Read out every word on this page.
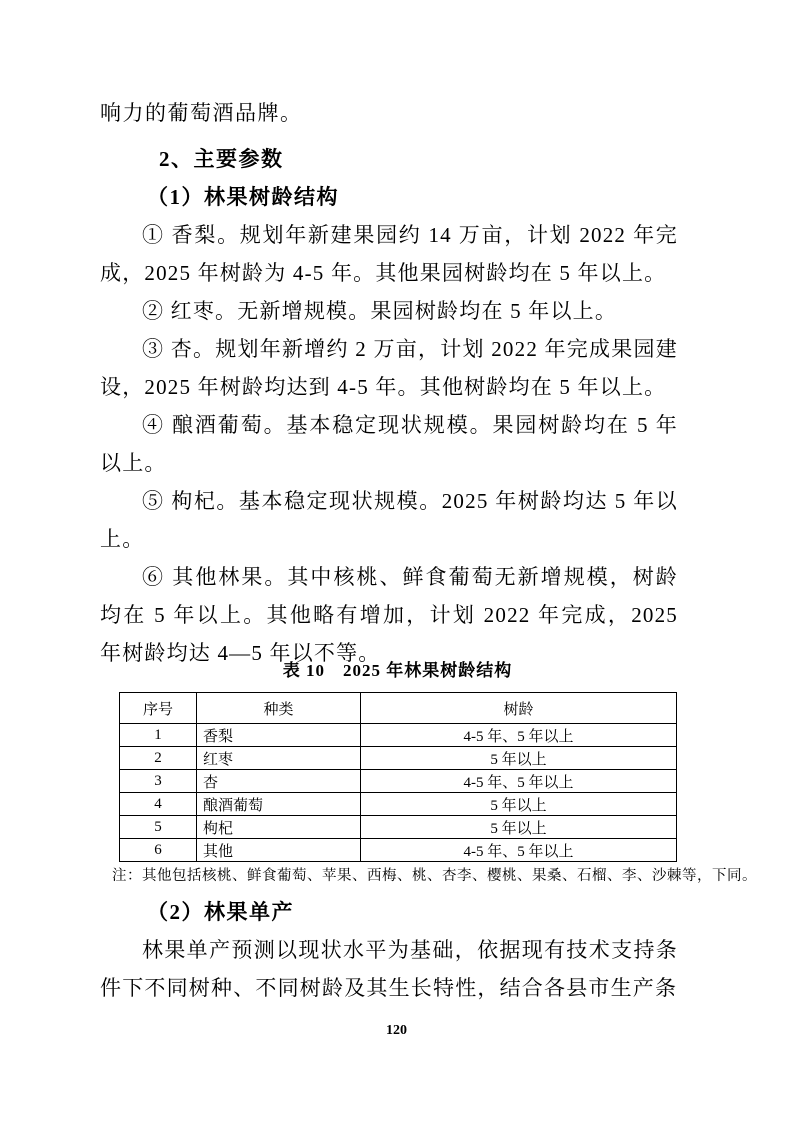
响力的葡萄酒品牌。

2、主要参数
（1）林果树龄结构

① 香梨。规划年新建果园约 14 万亩，计划 2022 年完成，2025 年树龄为 4-5 年。其他果园树龄均在 5 年以上。

② 红枣。无新增规模。果园树龄均在 5 年以上。

③ 杏。规划年新增约 2 万亩，计划 2022 年完成果园建设，2025 年树龄均达到 4-5 年。其他树龄均在 5 年以上。

④ 酿酒葡萄。基本稳定现状规模。果园树龄均在 5 年以上。

⑤ 枸杞。基本稳定现状规模。2025 年树龄均达 5 年以上。

⑥ 其他林果。其中核桃、鲜食葡萄无新增规模，树龄均在 5 年以上。其他略有增加，计划 2022 年完成，2025 年树龄均达 4—5 年以不等。

表 10　2025 年林果树龄结构
序号	种类	树龄
1	香梨	4-5 年、5 年以上
2	红枣	5 年以上
3	杏	4-5 年、5 年以上
4	酿酒葡萄	5 年以上
5	枸杞	5 年以上
6	其他	4-5 年、5 年以上
注：其他包括核桃、鲜食葡萄、苹果、西梅、桃、杏李、樱桃、果桑、石榴、李、沙棘等，下同。
（2）林果单产

林果单产预测以现状水平为基础，依据现有技术支持条件下不同树种、不同树龄及其生长特性，结合各县市生产条

120
